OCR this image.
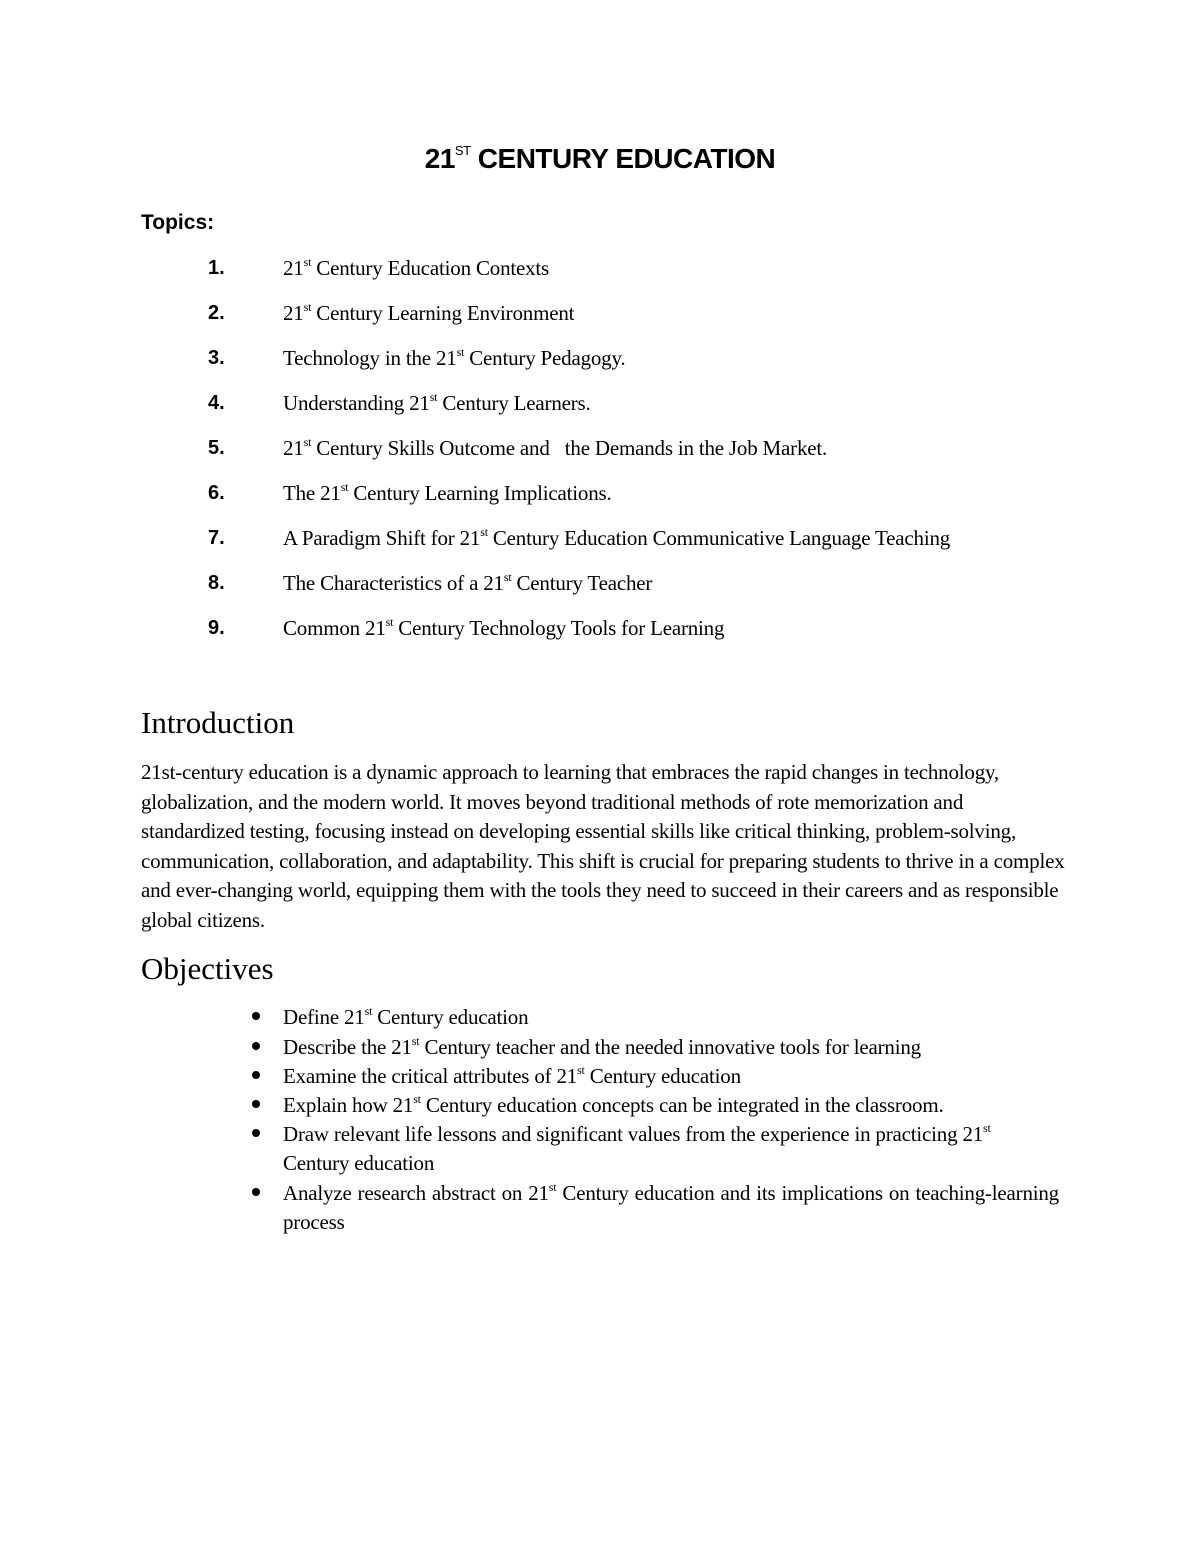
21ST CENTURY EDUCATION

Topics:

1.	21st Century Education Contexts
2.	21st Century Learning Environment
3.	Technology in the 21st Century Pedagogy.
4.	Understanding 21st Century Learners.
5.	21st Century Skills Outcome and   the Demands in the Job Market.
6.	The 21st Century Learning Implications.
7.	A Paradigm Shift for 21st Century Education Communicative Language Teaching
8.	The Characteristics of a 21st Century Teacher
9.	Common 21st Century Technology Tools for Learning
Introduction

21st-century education is a dynamic approach to learning that embraces the rapid changes in technology, globalization, and the modern world. It moves beyond traditional methods of rote memorization and standardized testing, focusing instead on developing essential skills like critical thinking, problem-solving, communication, collaboration, and adaptability. This shift is crucial for preparing students to thrive in a complex and ever-changing world, equipping them with the tools they need to succeed in their careers and as responsible global citizens.

Objectives
Define 21st Century education
Describe the 21st Century teacher and the needed innovative tools for learning
Examine the critical attributes of 21st Century education
Explain how 21st Century education concepts can be integrated in the classroom.
Draw relevant life lessons and significant values from the experience in practicing 21st Century education
Analyze research abstract on 21st Century education and its implications on teaching-learning process
